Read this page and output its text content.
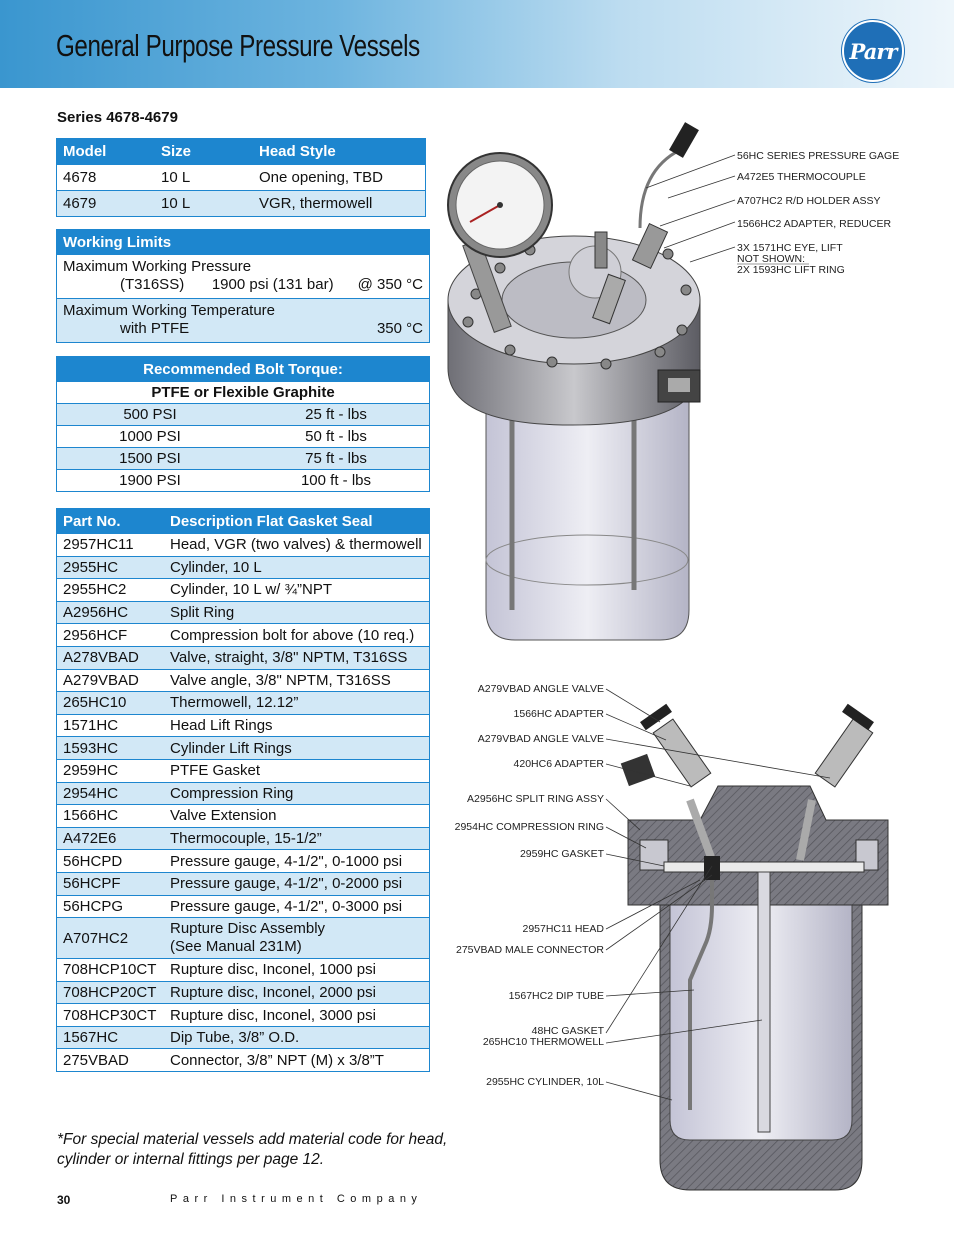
General Purpose Pressure Vessels	Parr
Series 4678-4679
Model	Size	Head Style
4678	10 L	One opening, TBD
4679	10 L	VGR, thermowell
Working Limits

Maximum Working Pressure
(T316SS) 1900 psi (131 bar) @ 350 °C

Maximum Working Temperature
with PTFE	350 °C
Recommended Bolt Torque:	
PTFE or Flexible Graphite	
500 PSI	25 ft - lbs
1000 PSI	50 ft - lbs
1500 PSI	75 ft - lbs
1900 PSI	100 ft - lbs
Part No.	Description Flat Gasket Seal
2957HC11	Head, VGR (two valves) & thermowell
2955HC	Cylinder, 10 L
2955HC2	Cylinder, 10 L w/ ¾”NPT
A2956HC	Split Ring
2956HCF	Compression bolt for above (10 req.)
A278VBAD	Valve, straight, 3/8" NPTM, T316SS
A279VBAD	Valve angle, 3/8" NPTM, T316SS
265HC10	Thermowell, 12.12”
1571HC	Head Lift Rings
1593HC	Cylinder Lift Rings
2959HC	PTFE Gasket
2954HC	Compression Ring
1566HC	Valve Extension
A472E6	Thermocouple, 15-1/2”
56HCPD	Pressure gauge, 4-1/2", 0-1000 psi
56HCPF	Pressure gauge, 4-1/2", 0-2000 psi
56HCPG	Pressure gauge, 4-1/2", 0-3000 psi
A707HC2	Rupture Disc Assembly
(See Manual 231M)

708HCP10CT	Rupture disc, Inconel, 1000 psi
708HCP20CT	Rupture disc, Inconel, 2000 psi
708HCP30CT	Rupture disc, Inconel, 3000 psi
1567HC	Dip Tube, 3/8” O.D.
275VBAD	Connector, 3/8” NPT (M) x 3/8”T
56HC SERIES PRESSURE GAGE
A472E5 THERMOCOUPLE
A707HC2 R/D HOLDER ASSY
1566HC2 ADAPTER, REDUCER
3X 1571HC EYE, LIFT
NOT SHOWN:
2X 1593HC LIFT RING
A279VBAD ANGLE VALVE
1566HC ADAPTER
A279VBAD ANGLE VALVE
420HC6 ADAPTER
A2956HC SPLIT RING ASSY
2954HC COMPRESSION RING
2959HC GASKET
2957HC11 HEAD
275VBAD MALE CONNECTOR
1567HC2 DIP TUBE
48HC GASKET
265HC10 THERMOWELL
2955HC CYLINDER, 10L

*For special material vessels add material code for head, cylinder or internal fittings per page 12.

30	Parr Instrument Company
